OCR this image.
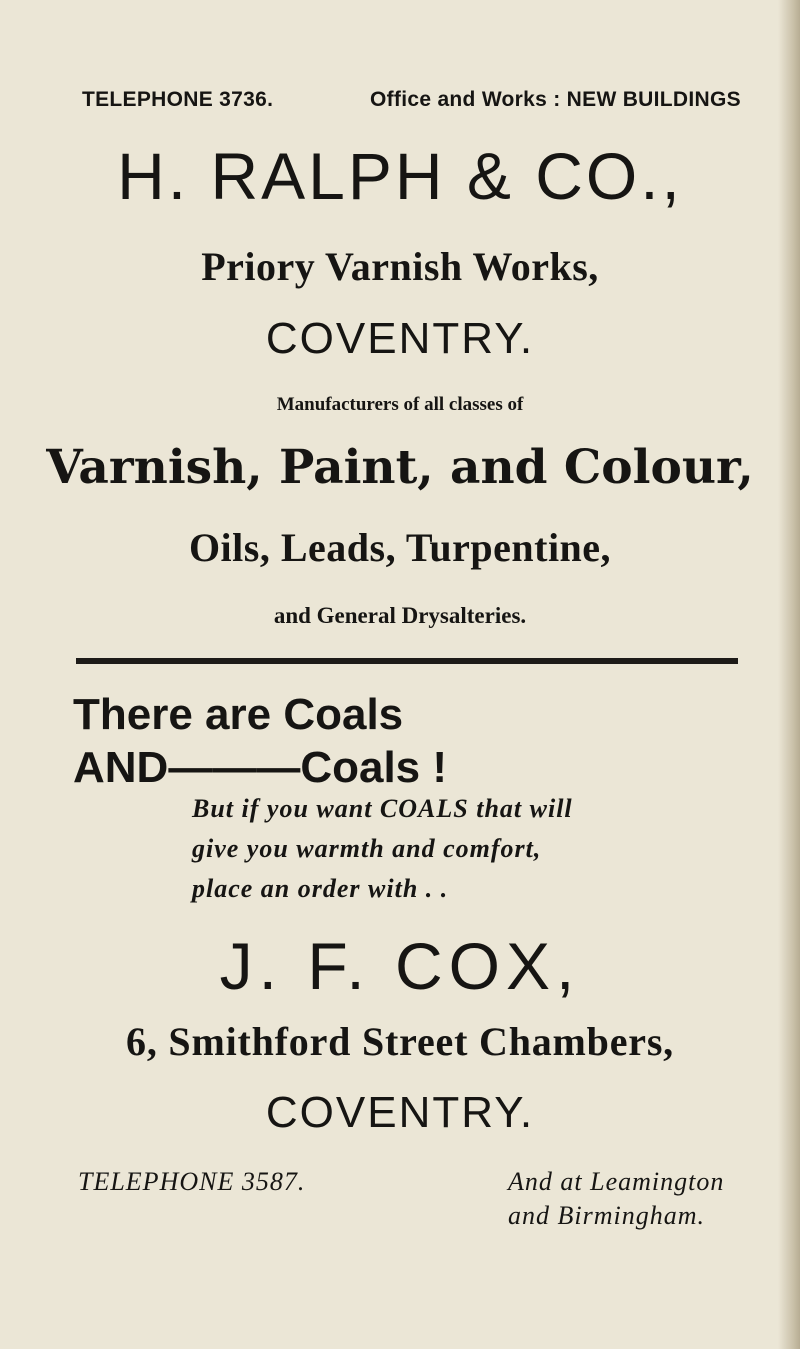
TELEPHONE 3736.	Office and Works : NEW BUILDINGS
H. RALPH & CO.,
Priory Varnish Works,
COVENTRY.
Manufacturers of all classes of
Varnish, Paint, and Colour,
Oils, Leads, Turpentine,
and General Drysalteries.
There are Coals
AND———Coals !
But if you want COALS that will
give you warmth and comfort,
place an order with . .
J. F. COX,
6, Smithford Street Chambers,
COVENTRY.
TELEPHONE 3587.	And at Leamington
and Birmingham.
